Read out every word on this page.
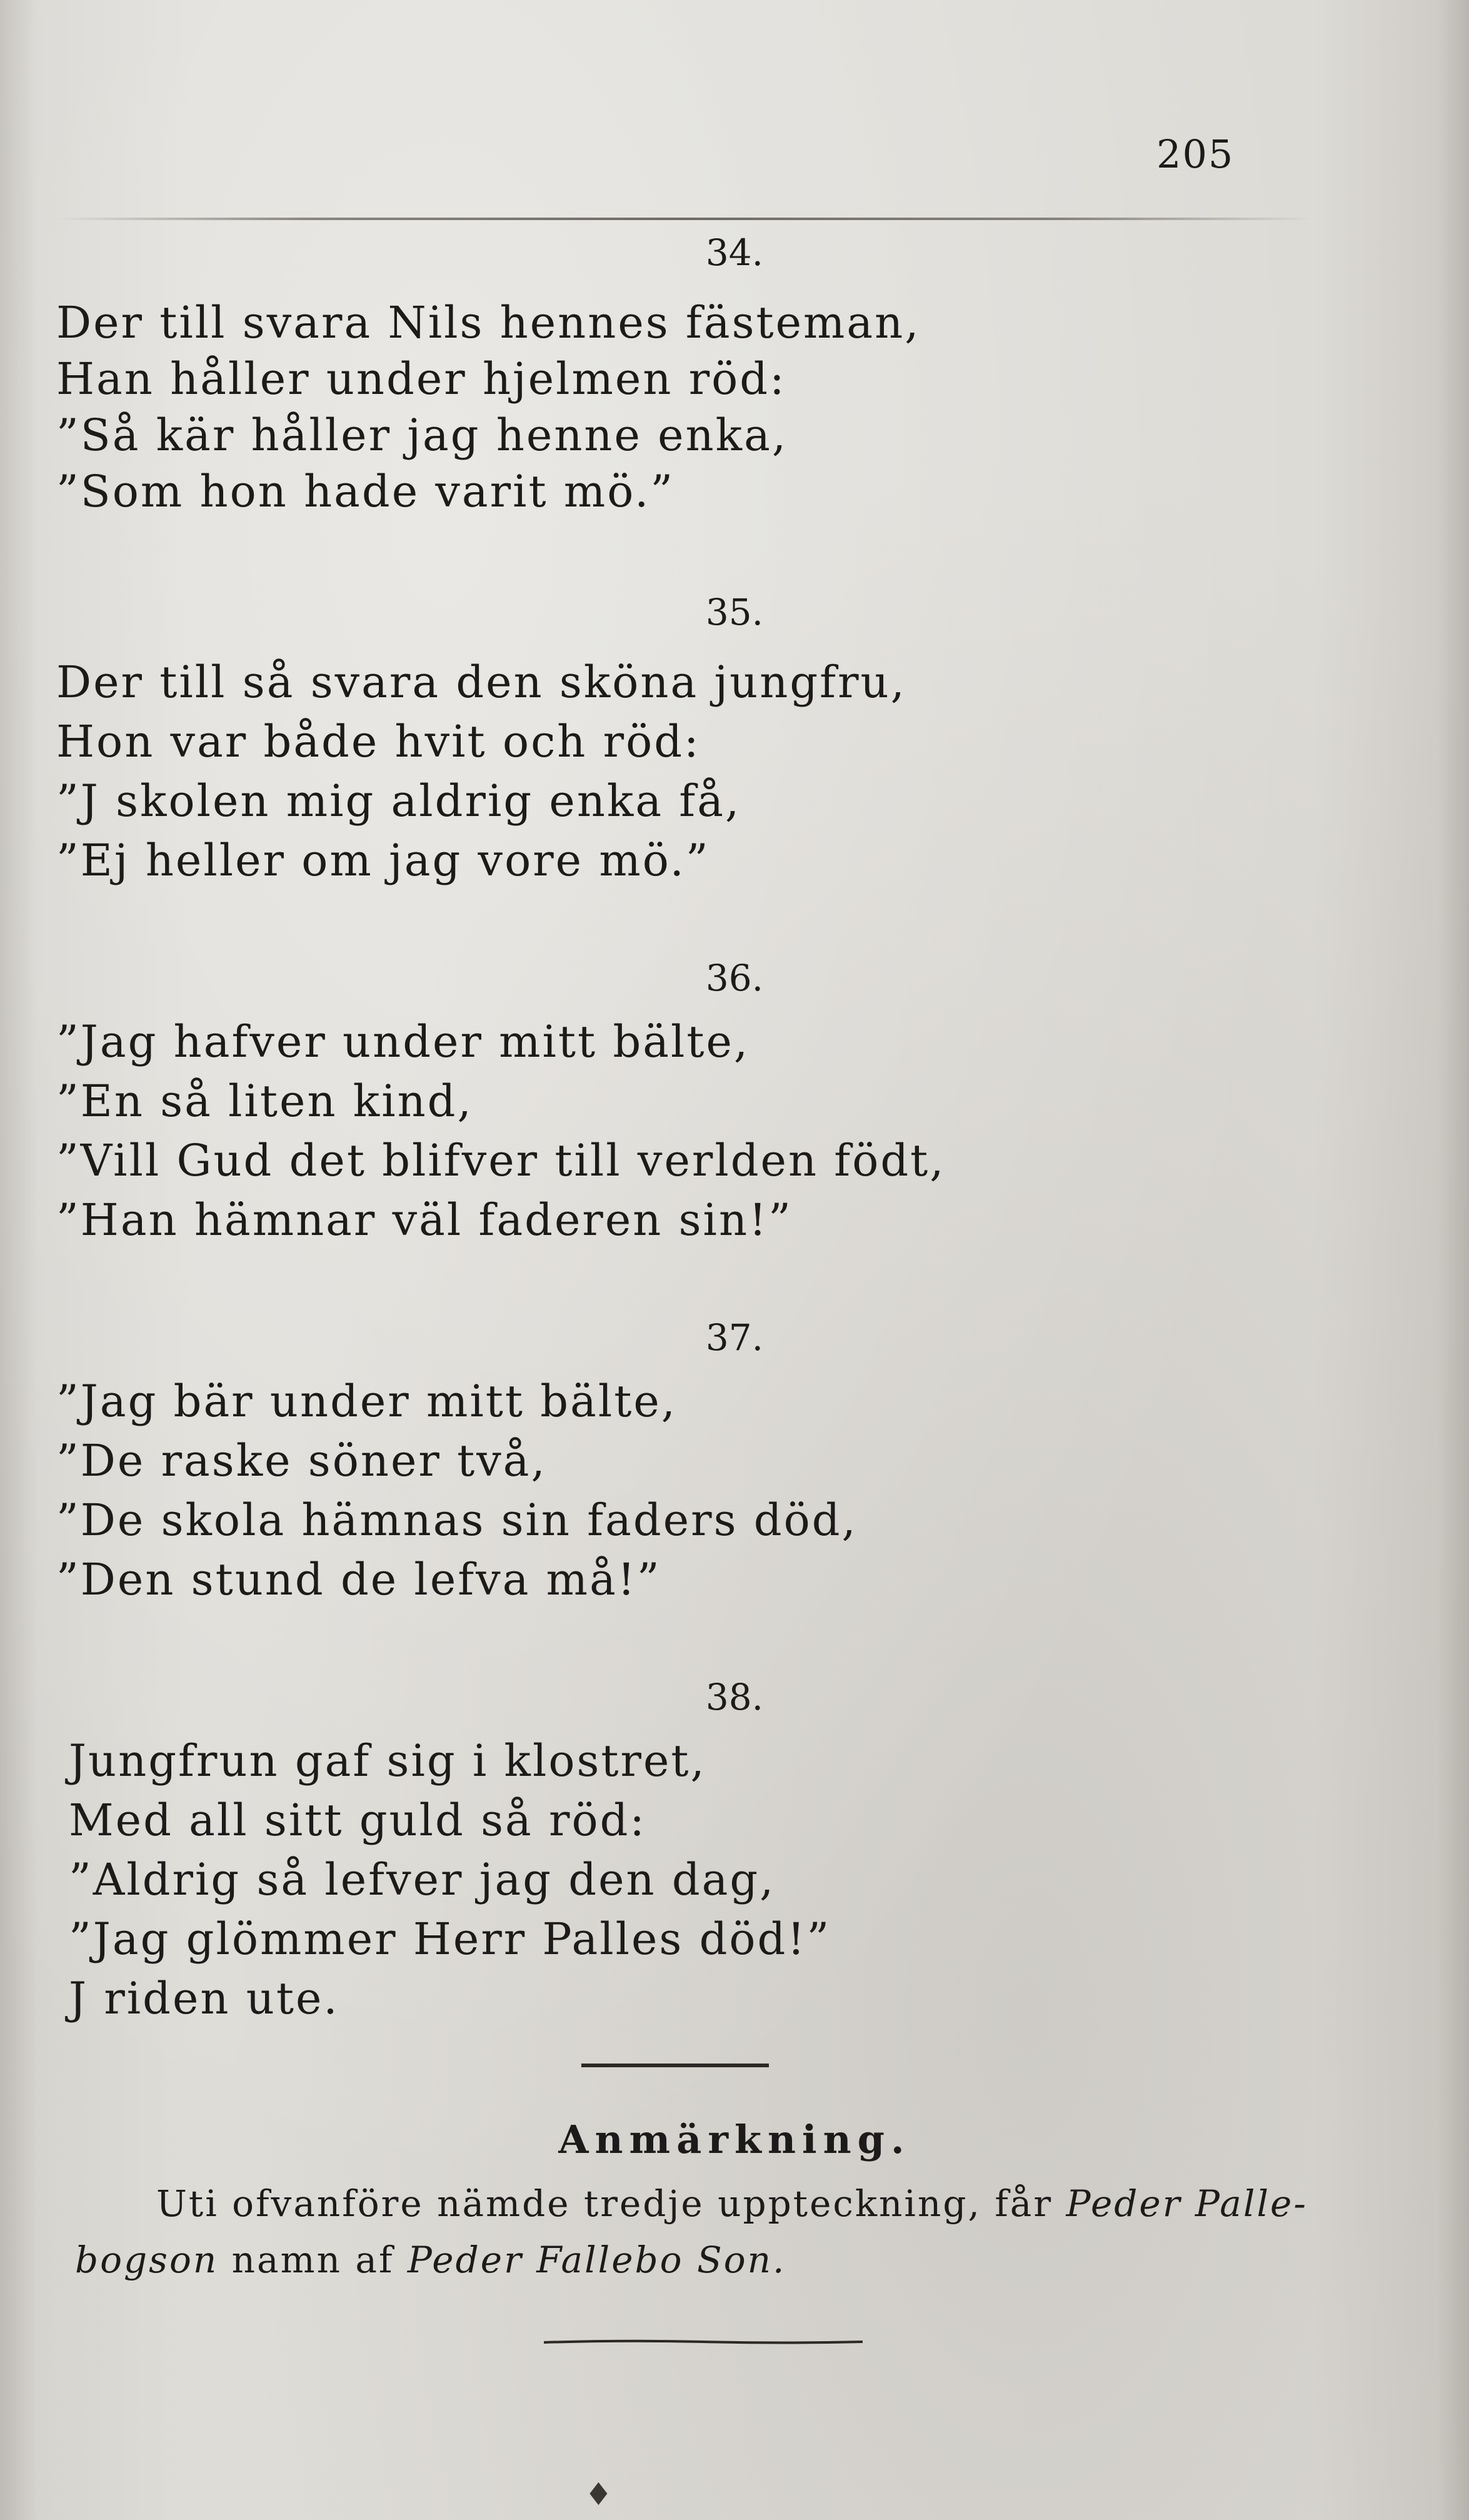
205
34.
Der till svara Nils hennes fästeman,
Han håller under hjelmen röd:
”Så kär håller jag henne enka,
”Som hon hade varit mö.”
35.
Der till så svara den sköna jungfru,
Hon var både hvit och röd:
”J skolen mig aldrig enka få,
”Ej heller om jag vore mö.”
36.
”Jag hafver under mitt bälte,
”En så liten kind,
”Vill Gud det blifver till verlden födt,
”Han hämnar väl faderen sin!”
37.
”Jag bär under mitt bälte,
”De raske söner två,
”De skola hämnas sin faders död,
”Den stund de lefva må!”
38.
Jungfrun gaf sig i klostret,
Med all sitt guld så röd:
”Aldrig så lefver jag den dag,
”Jag glömmer Herr Palles död!”
J riden ute.
Anmärkning.
Uti ofvanföre nämde tredje uppteckning, får Peder Palle-
bogson namn af Peder Fallebo Son.
♦
